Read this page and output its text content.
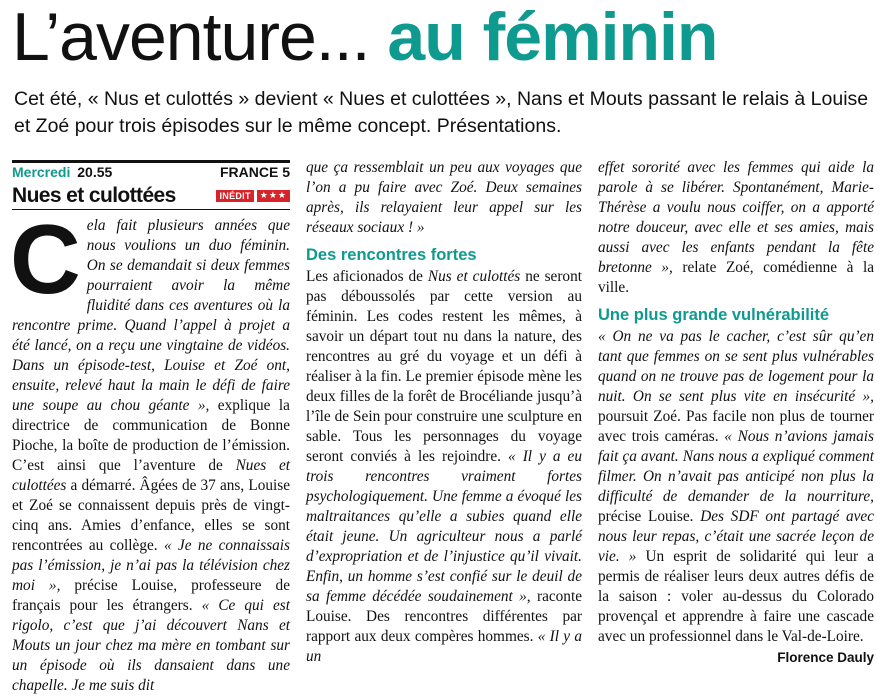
L’aventure... au féminin
Cet été, « Nus et culottés » devient « Nues et culottées », Nans et Mouts passant le relais à Louise et Zoé pour trois épisodes sur le même concept. Présentations.
Mercredi 20.55	FRANCE 5
Nues et culottées	INÉDIT	★★★

Cela fait plusieurs années que nous voulions un duo féminin. On se demandait si deux femmes pourraient avoir la même fluidité dans ces aventures où la rencontre prime. Quand l’appel à projet a été lancé, on a reçu une vingtaine de vidéos. Dans un épisode-test, Louise et Zoé ont, ensuite, relevé haut la main le défi de faire une soupe au chou géante », explique la directrice de communication de Bonne Pioche, la boîte de production de l’émission. C’est ainsi que l’aventure de Nues et culottées a démarré. Âgées de 37 ans, Louise et Zoé se connaissent depuis près de vingt-cinq ans. Amies d’enfance, elles se sont rencontrées au collège. « Je ne connaissais pas l’émission, je n’ai pas la télévision chez moi », précise Louise, professeure de français pour les étrangers. « Ce qui est rigolo, c’est que j’ai découvert Nans et Mouts un jour chez ma mère en tombant sur un épisode où ils dansaient dans une chapelle. Je me suis dit

que ça ressemblait un peu aux voyages que l’on a pu faire avec Zoé. Deux semaines après, ils relayaient leur appel sur les réseaux sociaux ! »

Des rencontres fortes

Les aficionados de Nus et culottés ne seront pas déboussolés par cette version au féminin. Les codes restent les mêmes, à savoir un départ tout nu dans la nature, des rencontres au gré du voyage et un défi à réaliser à la fin. Le premier épisode mène les deux filles de la forêt de Brocéliande jusqu’à l’île de Sein pour construire une sculpture en sable. Tous les personnages du voyage seront conviés à les rejoindre. « Il y a eu trois rencontres vraiment fortes psychologiquement. Une femme a évoqué les maltraitances qu’elle a subies quand elle était jeune. Un agriculteur nous a parlé d’expropriation et de l’injustice qu’il vivait. Enfin, un homme s’est confié sur le deuil de sa femme décédée soudainement », raconte Louise. Des rencontres différentes par rapport aux deux compères hommes. « Il y a un

effet sororité avec les femmes qui aide la parole à se libérer. Spontanément, Marie-Thérèse a voulu nous coiffer, on a apporté notre douceur, avec elle et ses amies, mais aussi avec les enfants pendant la fête bretonne », relate Zoé, comédienne à la ville.

Une plus grande vulnérabilité

« On ne va pas le cacher, c’est sûr qu’en tant que femmes on se sent plus vulnérables quand on ne trouve pas de logement pour la nuit. On se sent plus vite en insécurité », poursuit Zoé. Pas facile non plus de tourner avec trois caméras. « Nous n’avions jamais fait ça avant. Nans nous a expliqué comment filmer. On n’avait pas anticipé non plus la difficulté de demander de la nourriture, précise Louise. Des SDF ont partagé avec nous leur repas, c’était une sacrée leçon de vie. » Un esprit de solidarité qui leur a permis de réaliser leurs deux autres défis de la saison : voler au-dessus du Colorado provençal et apprendre à faire une cascade avec un professionnel dans le Val-de-Loire.

Florence Dauly
